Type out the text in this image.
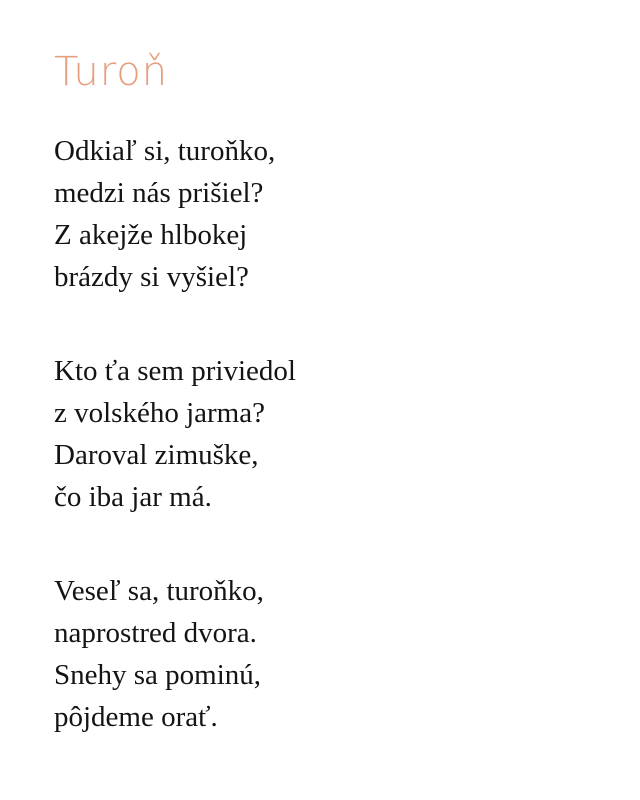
Turoň
Odkiaľ si, turoňko,
medzi nás prišiel?
Z akejže hlbokej
brázdy si vyšiel?
Kto ťa sem priviedol
z volského jarma?
Daroval zimuške,
čo iba jar má.
Veseľ sa, turoňko,
naprostred dvora.
Snehy sa pominú,
pôjdeme orať.
